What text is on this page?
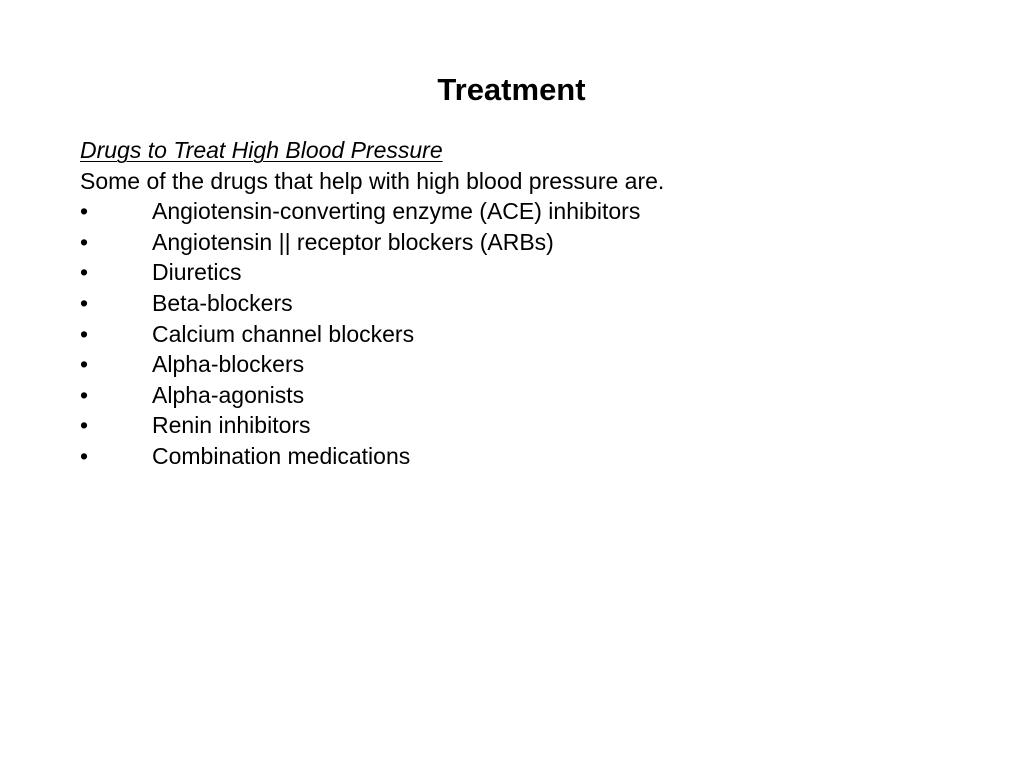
Treatment
Drugs to Treat High Blood Pressure
Some of the drugs that help with high blood pressure are.
•	Angiotensin-converting enzyme (ACE) inhibitors
•	Angiotensin || receptor blockers (ARBs)
•	Diuretics
•	Beta-blockers
•	Calcium channel blockers
•	Alpha-blockers
•	Alpha-agonists
•	Renin inhibitors
•	Combination medications
